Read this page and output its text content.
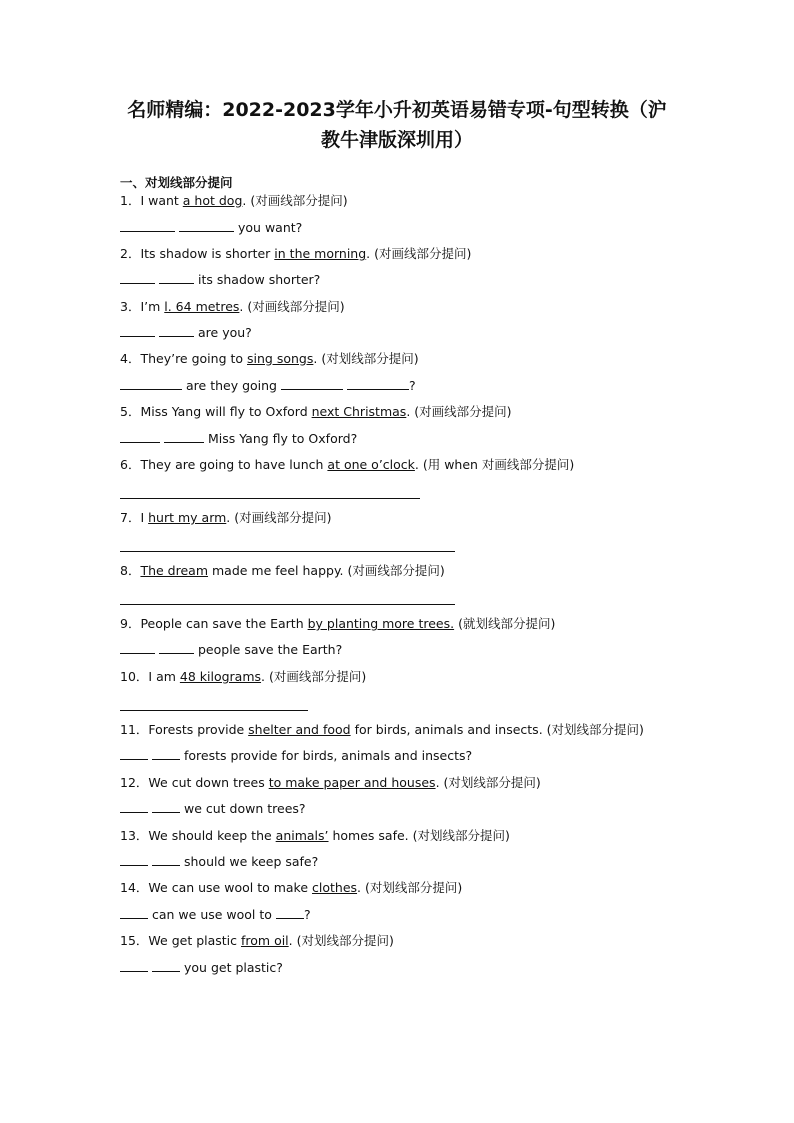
名师精编：2022-2023学年小升初英语易错专项-句型转换（沪
教牛津版深圳用）
一、对划线部分提问
1．I want a hot dog. (对画线部分提问)
you want?
2．Its shadow is shorter in the morning. (对画线部分提问)
its shadow shorter?
3．I’m l. 64 metres. (对画线部分提问)
are you?
4．They’re going to sing songs. (对划线部分提问)
are they going	?
5．Miss Yang will fly to Oxford next Christmas. (对画线部分提问)
Miss Yang fly to Oxford?
6．They are going to have lunch at one o’clock. (用 when 对画线部分提问)
7．I hurt my arm. (对画线部分提问)
8．The dream made me feel happy. (对画线部分提问)
9．People can save the Earth by planting more trees. (就划线部分提问)
people save the Earth?
10．I am 48 kilograms. (对画线部分提问)
11．Forests provide shelter and food for birds, animals and insects. (对划线部分提问)
forests provide for birds, animals and insects?
12．We cut down trees to make paper and houses. (对划线部分提问)
we cut down trees?
13．We should keep the animals’ homes safe. (对划线部分提问)
should we keep safe?
14．We can use wool to make clothes. (对划线部分提问)
can we use wool to	?
15．We get plastic from oil. (对划线部分提问)
you get plastic?
